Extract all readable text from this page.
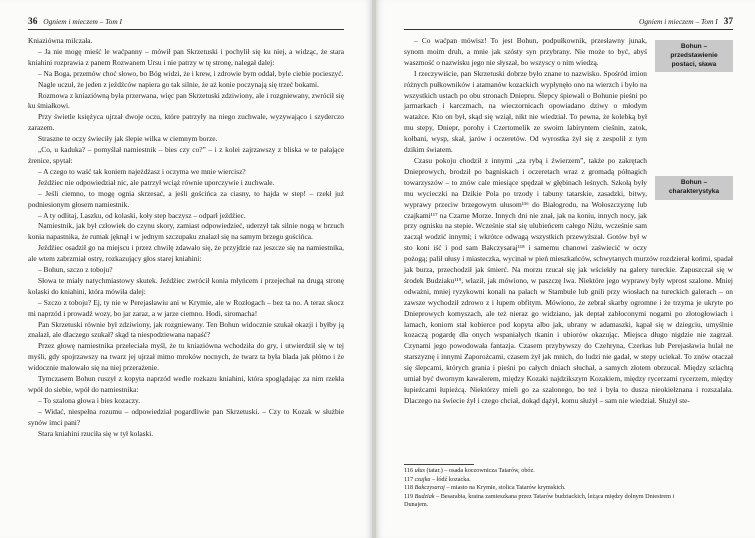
36 Ogniem i mieczem – Tom I

Kniaziówna milczała.

– Ja nie mogę mieść le waćpanny – mówił pan Skrzetuski i pochylił się ku niej, a widząc, że stara kniahini rozprawia z panem Rozwanem Ursu i nie patrzy w tę stronę, nalegał dalej:

– Na Boga, przemów choć słowo, bo Bóg widzi, że i krew, i zdrowie bym oddał, byle ciebie pocieszyć.

Nagle uczuł, że jeden z jeźdźców napiera go tak silnie, że aż konie poczynają się trzeć bokami.

Rozmowa z kniaziówną była przerwana, więc pan Skrzetuski zdziwiony, ale i rozgniewany, zwrócił się ku śmiałkowi.

Przy świetle księżyca ujrzał dwoje oczu, które patrzyły na niego zuchwale, wyzywająco i szyderczo zarazem.

Straszne te oczy świeciły jak ślepie wilka w ciemnym borze.

„Co, u kaduka? – pomyślał namiestnik – bies czy co?” – i z kolei zajrzawszy z bliska w te pałające źrenice, spytał:

– A czego to waść tak koniem najeżdżasz i oczyma we mnie wiercisz?

Jeźdźiec nie odpowiedział nic, ale patrzył wciąż równie uporczywie i zuchwale.

– Jeśli ciemno, to mogę ognia skrzesać, a jeśli gościńca za ciasny, to hajda w step! – rzekł już podniesionym głosem namiestnik.

– A ty odlitaj, Laszku, od kolaski, koły step baczysz – odparł jeźdźiec.

Namiestnik, jak był człowiek do czynu skory, zamiast odpowiedzieć, uderzył tak silnie nogą w brzuch konia napastnika, że rumak jęknął i w jednym szczupaku znalazł się na samym brzegu gościńca.

Jeźdźiec osadził go na miejscu i przez chwilę zdawało się, że przyjdzie raz jeszcze się na namiestnika, ale wtem zabrzmiał ostry, rozkazujący głos starej kniahini:

– Bohun, szczo z toboju?

Słowa te miały natychmiastowy skutek. Jeźdźiec zwrócił konia młyńcem i przejechał na drugą stronę kolaski do kniahini, która mówiła dalej:

– Szczo z toboju? Ej, ty nie w Perejasławiu ani w Krymie, ale w Rozłogach – bez ta no. A teraz skocz mi naprzód i prowadź wozy, bo jar zaraz, a w jarze ciemno. Hodi, siromacha!

Pan Skrzetuski równie był zdziwiony, jak rozgniewany. Ten Bohun widocznie szukał okazji i byłby ją znalazł, ale dlaczego szukał? skąd ta niespodziewana napaść?

Przez głowę namiestnika przeleciała myśl, że tu kniaziówna wchodziła do gry, i utwierdził się w tej myśli, gdy spojrzawszy na twarz jej ujrzał mimo mroków nocnych, że twarz ta była blada jak płótno i że widocznie malowało się na niej przerażenie.

Tymczasem Bohun ruszył z kopyta naprzód wedle rozkazu kniahini, która spoglądając za nim rzekła wpół do siebie, wpół do namiestnika:

– To szalona głowa i bies kozaczy.

– Widać, niespełna rozumu – odpowiedział pogardliwie pan Skrzetuski. – Czy to Kozak w służbie synów imci pani?

Stara kniahini rzuciła się w tył kolaski.

Ogniem i mieczem – Tom I 37

– Co waćpan mówisz! To jest Bohun, podpułkownik, przesławny junak, synom moim druh, a mnie jak szósty syn przybrany. Nie może to być, abyś waszmość o nazwisku jego nie słyszał, bo wszyscy o nim wiedzą.

I rzeczywiście, pan Skrzetuski dobrze było znane to nazwisko. Spośród imion różnych pułkowników i atamanów kozackich wypłynęło ono na wierzch i było na wszystkich ustach po obu stronach Dniepru. Ślepcy śpiewali o Bohunie pieśni po jarmarkach i karczmach, na wieczornicach opowiadano dziwy o młodym watażce. Kto on był, skąd się wziął, nikt nie wiedział. To pewna, że kolebką był mu stepy, Dniepr, porohy i Czertomelik ze swoim labiryntem cieśnin, zatok, kołbani, wysp, skał, jarów i oczeretów. Od wyrostka żył się z zespolił z tym dzikim światem.

Czasu pokoju chodził z innymi „za rybą i źwierzem”, także po zakrętach Dnieprowych, brodził po bagniskach i oczeretach wraz z gromadą półnagich towarzyszów – to znów cale miesiące spędzał w głębinach leśnych. Szkołą były mu wycieczki na Dzikie Pola po trzody i tabuny tatarskie, zasadzki, bitwy, wyprawy przeciw brzegowym ułusom¹¹⁶ do Białogrodu, na Wołoszczyznę lub czajkami¹¹⁷ na Czarne Morze. Innych dni nie znał, jak na koniu, innych nocy, jak przy ognisku na stepie. Wcześnie stał się ulubieńcem całego Niżu, wcześnie sam zaczął wodzić innymi; i wkrótce odwagą wszystkich przewyższał. Gotów był w sto koni iść i pod sam Bakczysaraj¹¹⁸ i samemu chanowi zaświecić w oczy pożogą; palił ułusy i miasteczka, wycinał w pień mieszkańców, schwytanych murzów rozdzierał końmi, spadał jak burza, przechodził jak śmierć. Na morzu rzucał się jak wściekły na galery tureckie. Zapuszczał się w środek Budziaku¹¹⁹, właził, jak mówiono, w paszczę lwa. Niektóre jego wyprawy były wprost szalone. Mniej odważni, mniej ryzykowni konali na palach w Stambule lub gnili przy wiosłach na tureckich galerach – on zawsze wychodził zdrowo z i łupem obfitym. Mówiono, że zebrał skarby ogromne i że trzyma je ukryte po Dnieprowych komyszach, ale też nieraz go widziano, jak deptał zabłoconymi nogami po złotogłowiach i lamach, koniom stał kobierce pod kopyta albo jak, ubrany w adamaszki, kąpał się w dziegciu, umyślnie kozaczą pogardę dla onych wspaniałych tkanin i ubiorów okazując. Miejsca długo nigdzie nie zagrzał. Czynami jego powodowała fantazja. Czasem przybywszy do Czehryna, Czerkas lub Perejasławia hulał ne starszyznę i innymi Zaporożcami, czasem żył jak mnich, do ludzi nie gadał, w stepy uciekał. To znów otaczał się ślepcami, których grania i pieśni po całych dniach słuchał, a samych złotem obrzucał. Między szlachtą umiał być dwornym kawalerem, między Kozaki najdzikszym Kozakiem, między rycerzami rycerzem, między łupieżcami łupieżcą. Niektórzy mieli go za szalonego, bo też i była to dusza nieokiełznana i rozszalała. Dlaczego na świecie żył i czego chciał, dokąd dążył, komu służył – sam nie wiedział. Służył ste-

Bohun – przedstawienie postaci, sława
Bohun – charakterystyka

116 ułus (tatar.) – osada koczownicza Tatarów, obóz.

117 czajka – łódź kozacka.

118 Bakczysaraj – miasto na Krymie, stolica Tatarów krymskich.

119 Budziak – Besarabia, kraina zamieszkana przez Tatarów budziackich, leżąca między dolnym Dniestrem i Dunajem.
